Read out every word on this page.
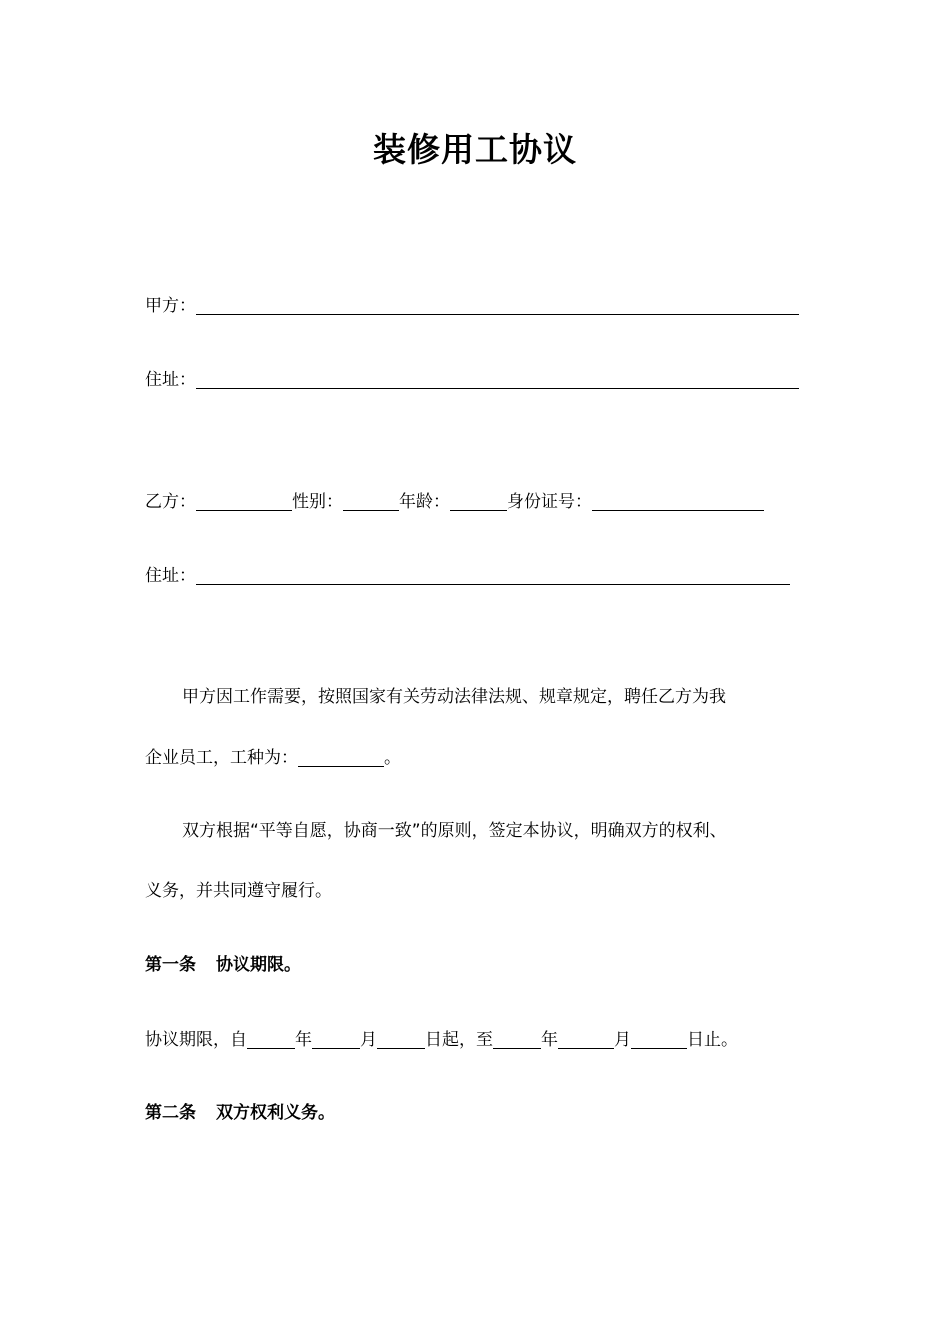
装修用工协议
甲方：
住址：
乙方：	性别：	年龄：	身份证号：
住址：
甲方因工作需要，按照国家有关劳动法律法规、规章规定，聘任乙方为我
企业员工，工种为：	。
双方根据“平等自愿，协商一致”的原则，签定本协议，明确双方的权利、
义务，并共同遵守履行。
第一条 协议期限。
协议期限，自	年	月	日起，至	年	月	日止。
第二条 双方权利义务。
